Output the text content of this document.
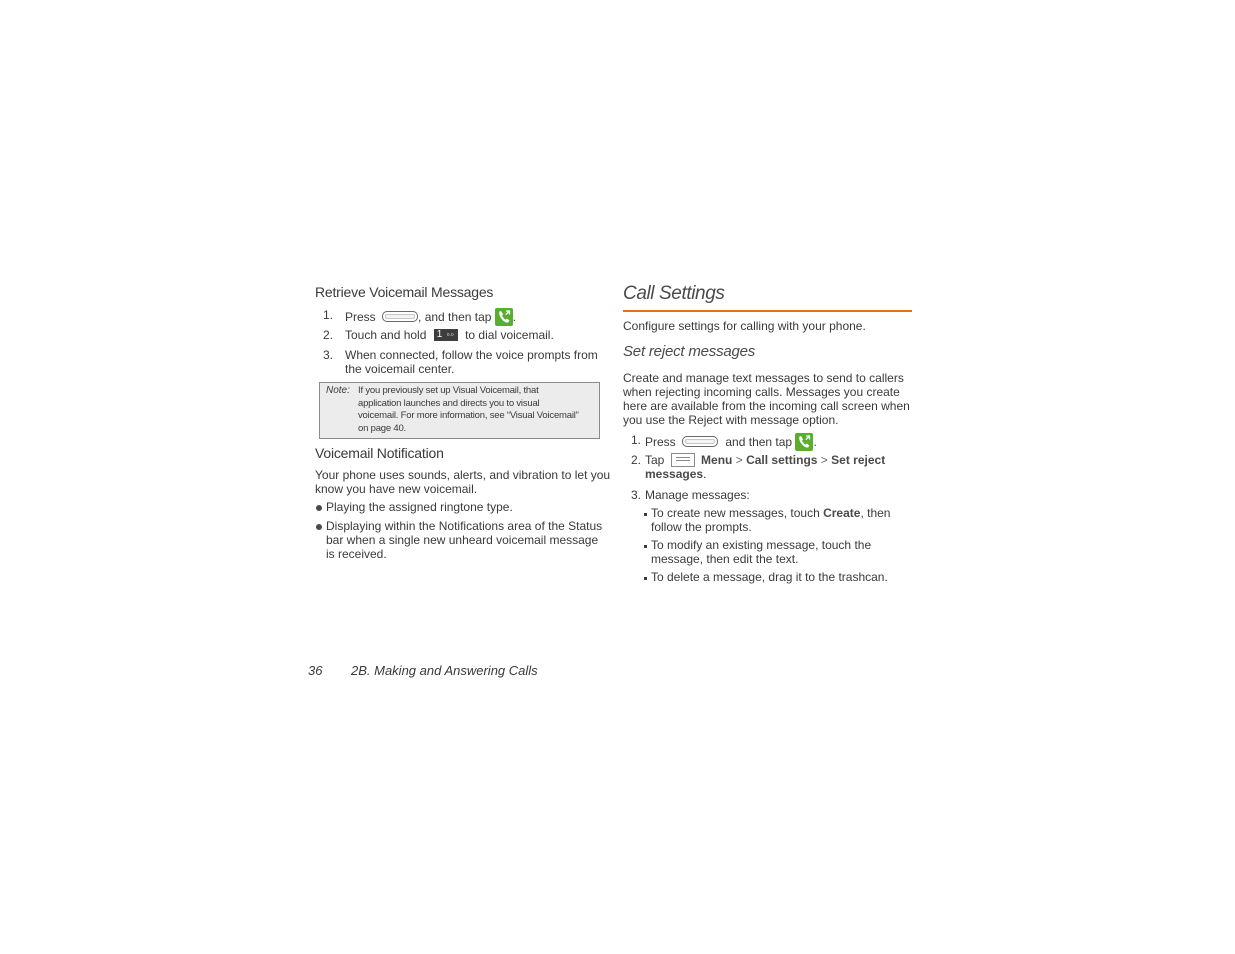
Retrieve Voicemail Messages
1. Press	, and then tap .
2. Touch and hold 1 o.o to dial voicemail.
3. When connected, follow the voice prompts from
the voicemail center.
Note: If you previously set up Visual Voicemail, that
application launches and directs you to visual
voicemail. For more information, see “Visual Voicemail”
on page 40.
Voicemail Notification
Your phone uses sounds, alerts, and vibration to let you
know you have new voicemail.
Playing the assigned ringtone type.
Displaying within the Notifications area of the Status
bar when a single new unheard voicemail message
is received.
Call Settings
Configure settings for calling with your phone.
Set reject messages
Create and manage text messages to send to callers
when rejecting incoming calls. Messages you create
here are available from the incoming call screen when
you use the Reject with message option.
1. Press	and then tap .
2. Tap	Menu > Call settings > Set reject
messages.
3. Manage messages:
To create new messages, touch Create, then
follow the prompts.
To modify an existing message, touch the
message, then edit the text.
To delete a message, drag it to the trashcan.
36 2B. Making and Answering Calls
